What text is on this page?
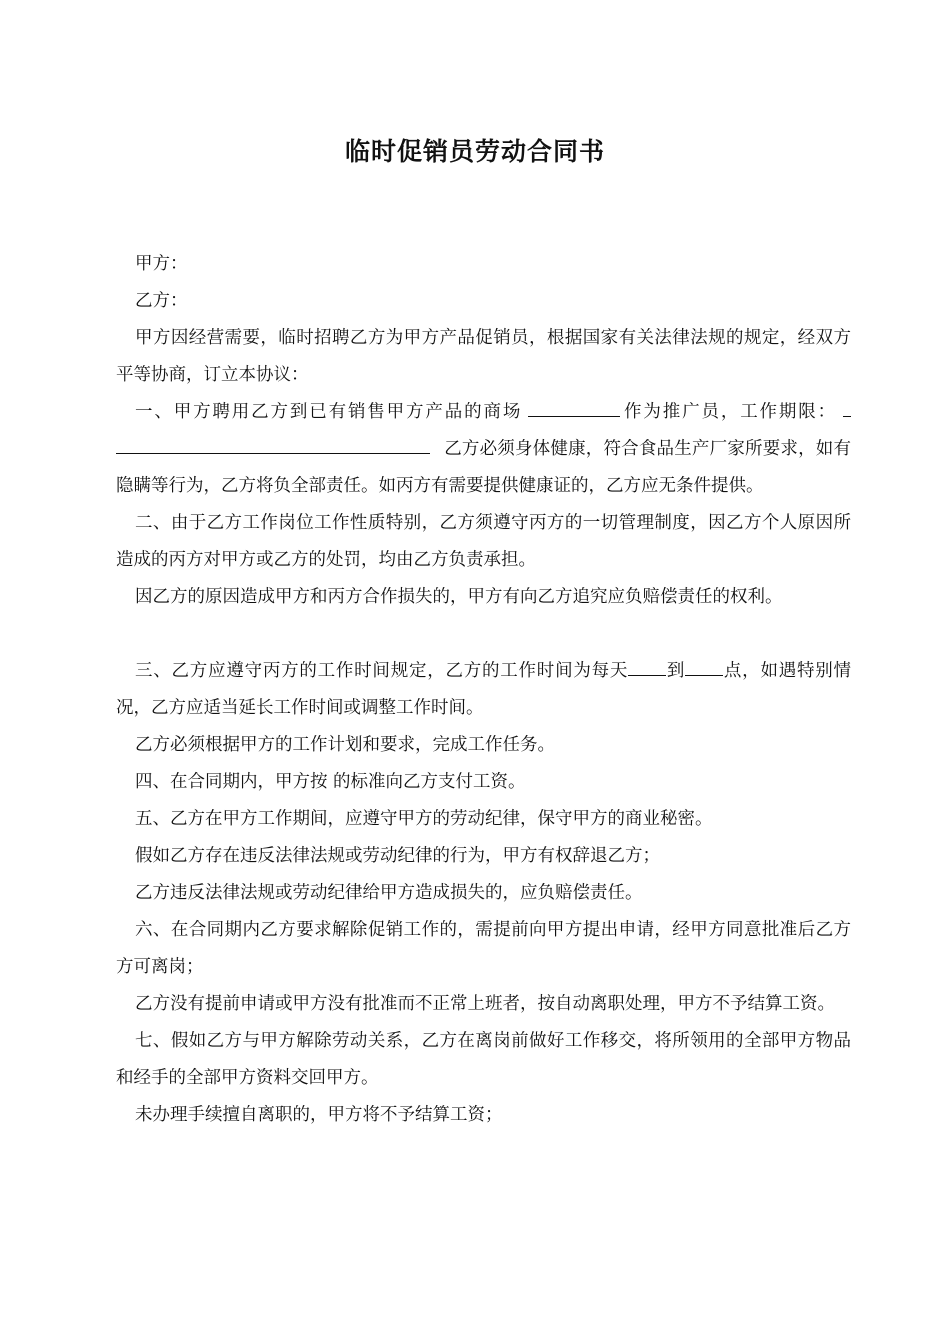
临时促销员劳动合同书

甲方：

乙方：

甲方因经营需要，临时招聘乙方为甲方产品促销员，根据国家有关法律法规的规定，经双方平等协商，订立本协议：

一、甲方聘用乙方到已有销售甲方产品的商场	作为推广员，工作期限：乙方必须身体健康，符合食品生产厂家所要求，如有隐瞒等行为，乙方将负全部责任。如丙方有需要提供健康证的，乙方应无条件提供。

二、由于乙方工作岗位工作性质特别，乙方须遵守丙方的一切管理制度，因乙方个人原因所造成的丙方对甲方或乙方的处罚，均由乙方负责承担。

因乙方的原因造成甲方和丙方合作损失的，甲方有向乙方追究应负赔偿责任的权利。

三、乙方应遵守丙方的工作时间规定，乙方的工作时间为每天 到 点，如遇特别情况，乙方应适当延长工作时间或调整工作时间。

乙方必须根据甲方的工作计划和要求，完成工作任务。

四、在合同期内，甲方按 的标准向乙方支付工资。

五、乙方在甲方工作期间，应遵守甲方的劳动纪律，保守甲方的商业秘密。

假如乙方存在违反法律法规或劳动纪律的行为，甲方有权辞退乙方；

乙方违反法律法规或劳动纪律给甲方造成损失的，应负赔偿责任。

六、在合同期内乙方要求解除促销工作的，需提前向甲方提出申请，经甲方同意批准后乙方方可离岗；

乙方没有提前申请或甲方没有批准而不正常上班者，按自动离职处理，甲方不予结算工资。

七、假如乙方与甲方解除劳动关系，乙方在离岗前做好工作移交，将所领用的全部甲方物品和经手的全部甲方资料交回甲方。

未办理手续擅自离职的，甲方将不予结算工资；
